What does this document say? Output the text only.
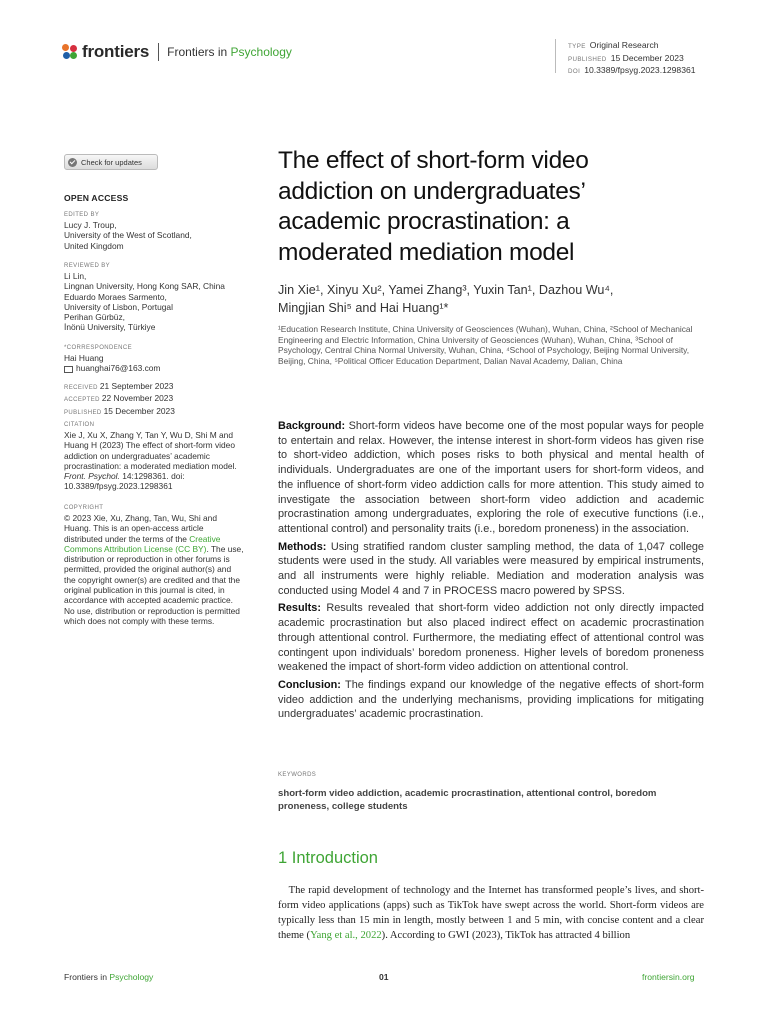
frontiers Frontiers in Psychology	TYPE Original Research
PUBLISHED 15 December 2023
DOI 10.3389/fpsyg.2023.1298361
Check for updates
OPEN ACCESS
EDITED BY
Lucy J. Troup,
University of the West of Scotland,
United Kingdom
REVIEWED BY
Li Lin,
Lingnan University, Hong Kong SAR, China
Eduardo Moraes Sarmento,
University of Lisbon, Portugal
Perihan Gürbüz,
İnönü University, Türkiye
*CORRESPONDENCE
Hai Huang
huanghai76@163.com
RECEIVED 21 September 2023
ACCEPTED 22 November 2023
PUBLISHED 15 December 2023
CITATION
Xie J, Xu X, Zhang Y, Tan Y, Wu D, Shi M and Huang H (2023) The effect of short-form video addiction on undergraduates’ academic procrastination: a moderated mediation model. Front. Psychol. 14:1298361. doi: 10.3389/fpsyg.2023.1298361
COPYRIGHT
© 2023 Xie, Xu, Zhang, Tan, Wu, Shi and Huang. This is an open-access article distributed under the terms of the Creative Commons Attribution License (CC BY). The use, distribution or reproduction in other forums is permitted, provided the original author(s) and the copyright owner(s) are credited and that the original publication in this journal is cited, in accordance with accepted academic practice. No use, distribution or reproduction is permitted which does not comply with these terms.
The effect of short-form video addiction on undergraduates’ academic procrastination: a moderated mediation model
Jin Xie¹, Xinyu Xu², Yamei Zhang³, Yuxin Tan¹, Dazhou Wu⁴,
Mingjian Shi⁵ and Hai Huang¹*
¹Education Research Institute, China University of Geosciences (Wuhan), Wuhan, China, ²School of Mechanical Engineering and Electric Information, China University of Geosciences (Wuhan), Wuhan, China, ³School of Psychology, Central China Normal University, Wuhan, China, ⁴School of Psychology, Beijing Normal University, Beijing, China, ⁵Political Officer Education Department, Dalian Naval Academy, Dalian, China

Background: Short-form videos have become one of the most popular ways for people to entertain and relax. However, the intense interest in short-form videos has given rise to short-video addiction, which poses risks to both physical and mental health of individuals. Undergraduates are one of the important users for short-form videos, and the influence of short-form video addiction calls for more attention. This study aimed to investigate the association between short-form video addiction and academic procrastination among undergraduates, exploring the role of executive functions (i.e., attentional control) and personality traits (i.e., boredom proneness) in the association.

Methods: Using stratified random cluster sampling method, the data of 1,047 college students were used in the study. All variables were measured by empirical instruments, and all instruments were highly reliable. Mediation and moderation analysis was conducted using Model 4 and 7 in PROCESS macro powered by SPSS.

Results: Results revealed that short-form video addiction not only directly impacted academic procrastination but also placed indirect effect on academic procrastination through attentional control. Furthermore, the mediating effect of attentional control was contingent upon individuals’ boredom proneness. Higher levels of boredom proneness weakened the impact of short-form video addiction on attentional control.

Conclusion: The findings expand our knowledge of the negative effects of short-form video addiction and the underlying mechanisms, providing implications for mitigating undergraduates’ academic procrastination.

KEYWORDS
short-form video addiction, academic procrastination, attentional control, boredom proneness, college students
1 Introduction
 The rapid development of technology and the Internet has transformed people’s lives, and short-form video applications (apps) such as TikTok have swept across the world. Short-form videos are typically less than 15 min in length, mostly between 1 and 5 min, with concise content and a clear theme (Yang et al., 2022). According to GWI (2023), TikTok has attracted 4 billion
Frontiers in Psychology	01	frontiersin.org
